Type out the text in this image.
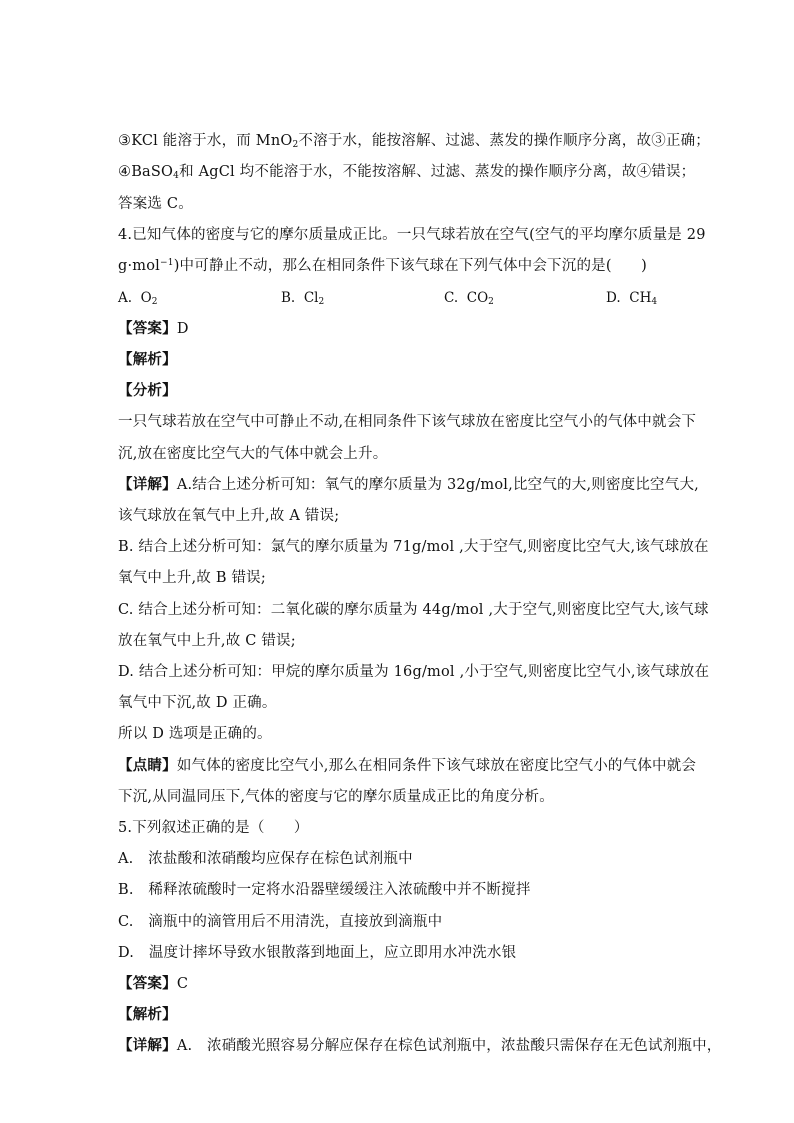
③KCl 能溶于水，而 MnO$_2$不溶于水，能按溶解、过滤、蒸发的操作顺序分离，故③正确；
④BaSO$_4$和 AgCl 均不能溶于水，不能按溶解、过滤、蒸发的操作顺序分离，故④错误；
答案选 C。
4.已知气体的密度与它的摩尔质量成正比。一只气球若放在空气(空气的平均摩尔质量是 29
g·mol$^{-1}$)中可静止不动，那么在相同条件下该气球在下列气体中会下沉的是(　　)
A. $O_2$	B. $Cl_2$	C. $CO_2$	D. $CH_4$
【答案】D
【解析】
【分析】
一只气球若放在空气中可静止不动,在相同条件下该气球放在密度比空气小的气体中就会下
沉,放在密度比空气大的气体中就会上升。
【详解】A.结合上述分析可知：氧气的摩尔质量为 32g/mol,比空气的大,则密度比空气大,
该气球放在氧气中上升,故 A 错误;
B. 结合上述分析可知：氯气的摩尔质量为 71g/mol ,大于空气,则密度比空气大,该气球放在
氧气中上升,故 B 错误;
C. 结合上述分析可知：二氧化碳的摩尔质量为 44g/mol ,大于空气,则密度比空气大,该气球
放在氧气中上升,故 C 错误;
D. 结合上述分析可知：甲烷的摩尔质量为 16g/mol ,小于空气,则密度比空气小,该气球放在
氧气中下沉,故 D 正确。
所以 D 选项是正确的。
【点睛】如气体的密度比空气小,那么在相同条件下该气球放在密度比空气小的气体中就会
下沉,从同温同压下,气体的密度与它的摩尔质量成正比的角度分析。
5.下列叙述正确的是（　　）
A.　浓盐酸和浓硝酸均应保存在棕色试剂瓶中
B.　稀释浓硫酸时一定将水沿器壁缓缓注入浓硫酸中并不断搅拌
C.　滴瓶中的滴管用后不用清洗，直接放到滴瓶中
D.　温度计摔坏导致水银散落到地面上，应立即用水冲洗水银
【答案】C
【解析】
【详解】A.　浓硝酸光照容易分解应保存在棕色试剂瓶中，浓盐酸只需保存在无色试剂瓶中，
